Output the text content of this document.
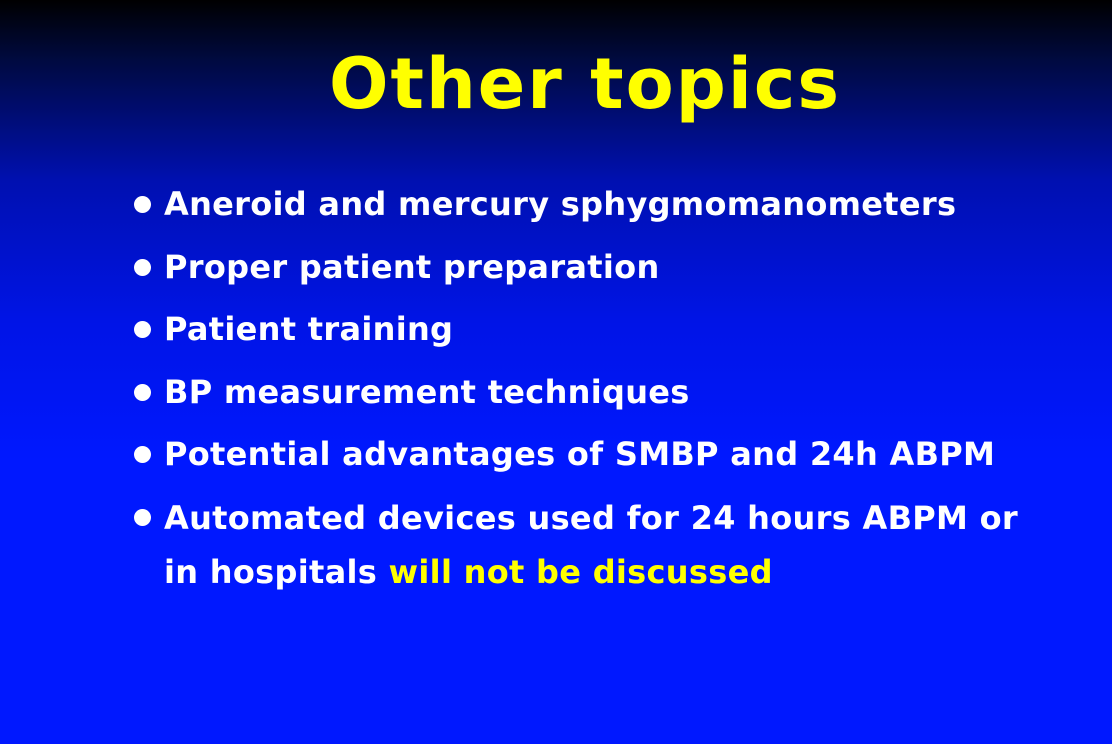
Other topics
Aneroid and mercury sphygmomanometers
Proper patient preparation
Patient training
BP measurement techniques
Potential advantages of SMBP and 24h ABPM
Automated devices used for 24 hours ABPM or
in hospitals will not be discussed
